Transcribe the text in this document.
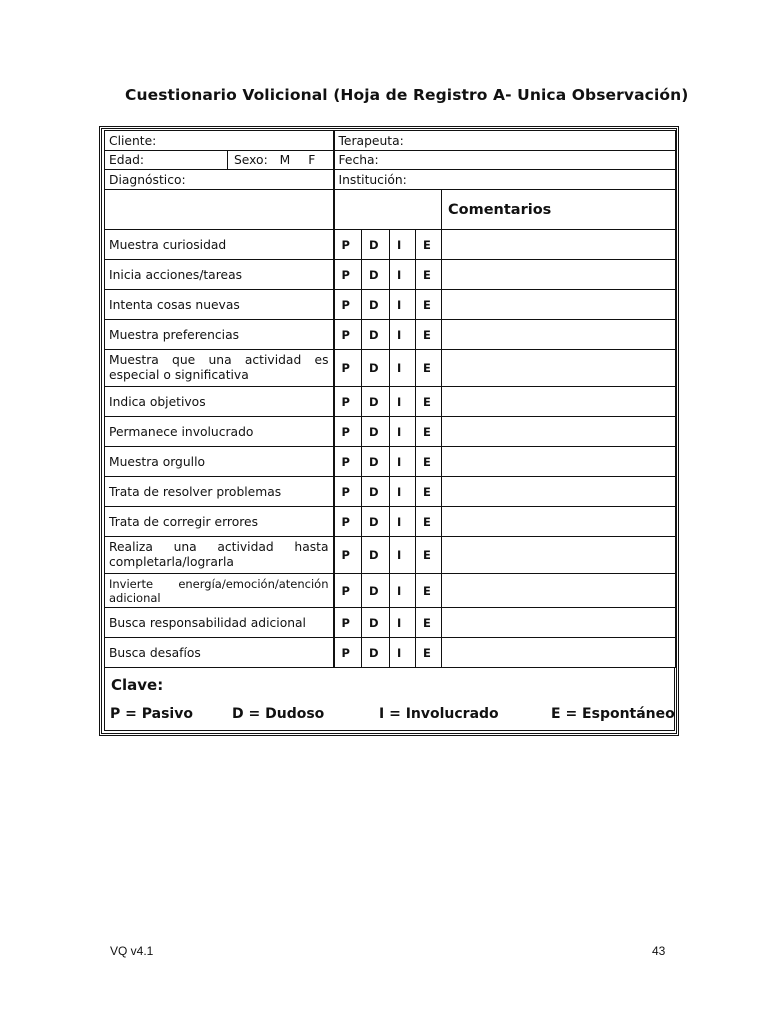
Cuestionario Volicional (Hoja de Registro A- Unica Observación)
Cliente:		Terapeuta:				
Edad:	Sexo: M F	Fecha:				
Diagnóstico:		Institución:				
						Comentarios
Muestra curiosidad		P	D	I	E	
Inicia acciones/tareas		P	D	I	E	
Intenta cosas nuevas		P	D	I	E	
Muestra preferencias		P	D	I	E	
Muestra que una actividad es especial o significativa		P	D	I	E	
Indica objetivos		P	D	I	E	
Permanece involucrado		P	D	I	E	
Muestra orgullo		P	D	I	E	
Trata de resolver problemas		P	D	I	E	
Trata de corregir errores		P	D	I	E	
Realiza una actividad hasta completarla/lograrla		P	D	I	E	
Invierte energía/emoción/atención adicional		P	D	I	E	
Busca responsabilidad adicional		P	D	I	E	
Busca desafíos		P	D	I	E	
Clave:
P = Pasivo	D = Dudoso	I = Involucrado	E = Espontáneo
VQ v4.1	43
